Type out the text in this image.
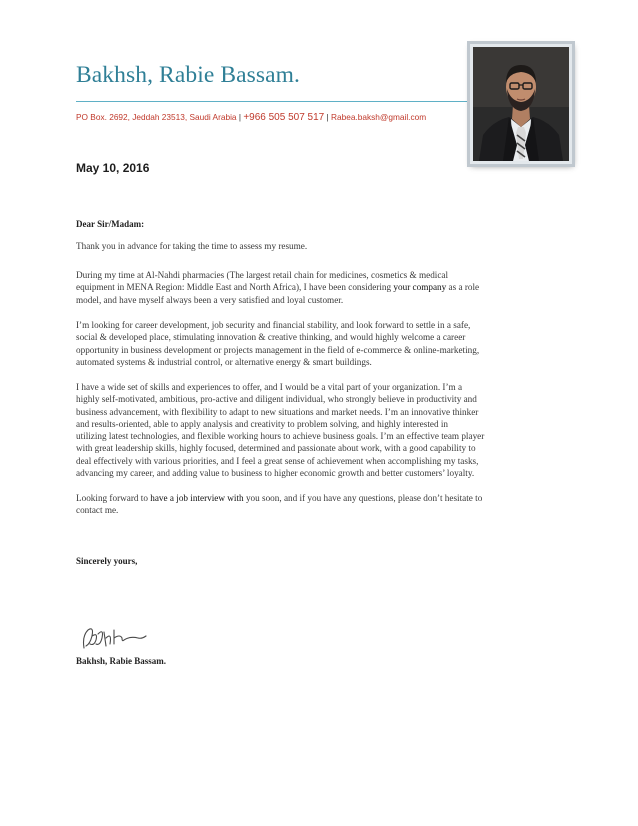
Bakhsh, Rabie Bassam.
PO Box. 2692, Jeddah 23513, Saudi Arabia | +966 505 507 517 | Rabea.baksh@gmail.com
May 10, 2016
Dear Sir/Madam:

Thank you in advance for taking the time to assess my resume.

During my time at Al-Nahdi pharmacies (The largest retail chain for medicines, cosmetics & medical
equipment in MENA Region: Middle East and North Africa), I have been considering your company as a role
model, and have myself always been a very satisfied and loyal customer.

I’m looking for career development, job security and financial stability, and look forward to settle in a safe,
social & developed place, stimulating innovation & creative thinking, and would highly welcome a career
opportunity in business development or projects management in the field of e-commerce & online-marketing,
automated systems & industrial control, or alternative energy & smart buildings.

I have a wide set of skills and experiences to offer, and I would be a vital part of your organization. I’m a
highly self-motivated, ambitious, pro-active and diligent individual, who strongly believe in productivity and
business advancement, with flexibility to adapt to new situations and market needs. I’m an innovative thinker
and results-oriented, able to apply analysis and creativity to problem solving, and highly interested in
utilizing latest technologies, and flexible working hours to achieve business goals. I’m an effective team player
with great leadership skills, highly focused, determined and passionate about work, with a good capability to
deal effectively with various priorities, and I feel a great sense of achievement when accomplishing my tasks,
advancing my career, and adding value to business to higher economic growth and better customers’ loyalty.

Looking forward to have a job interview with you soon, and if you have any questions, please don’t hesitate to
contact me.

Sincerely yours,
Bakhsh, Rabie Bassam.
